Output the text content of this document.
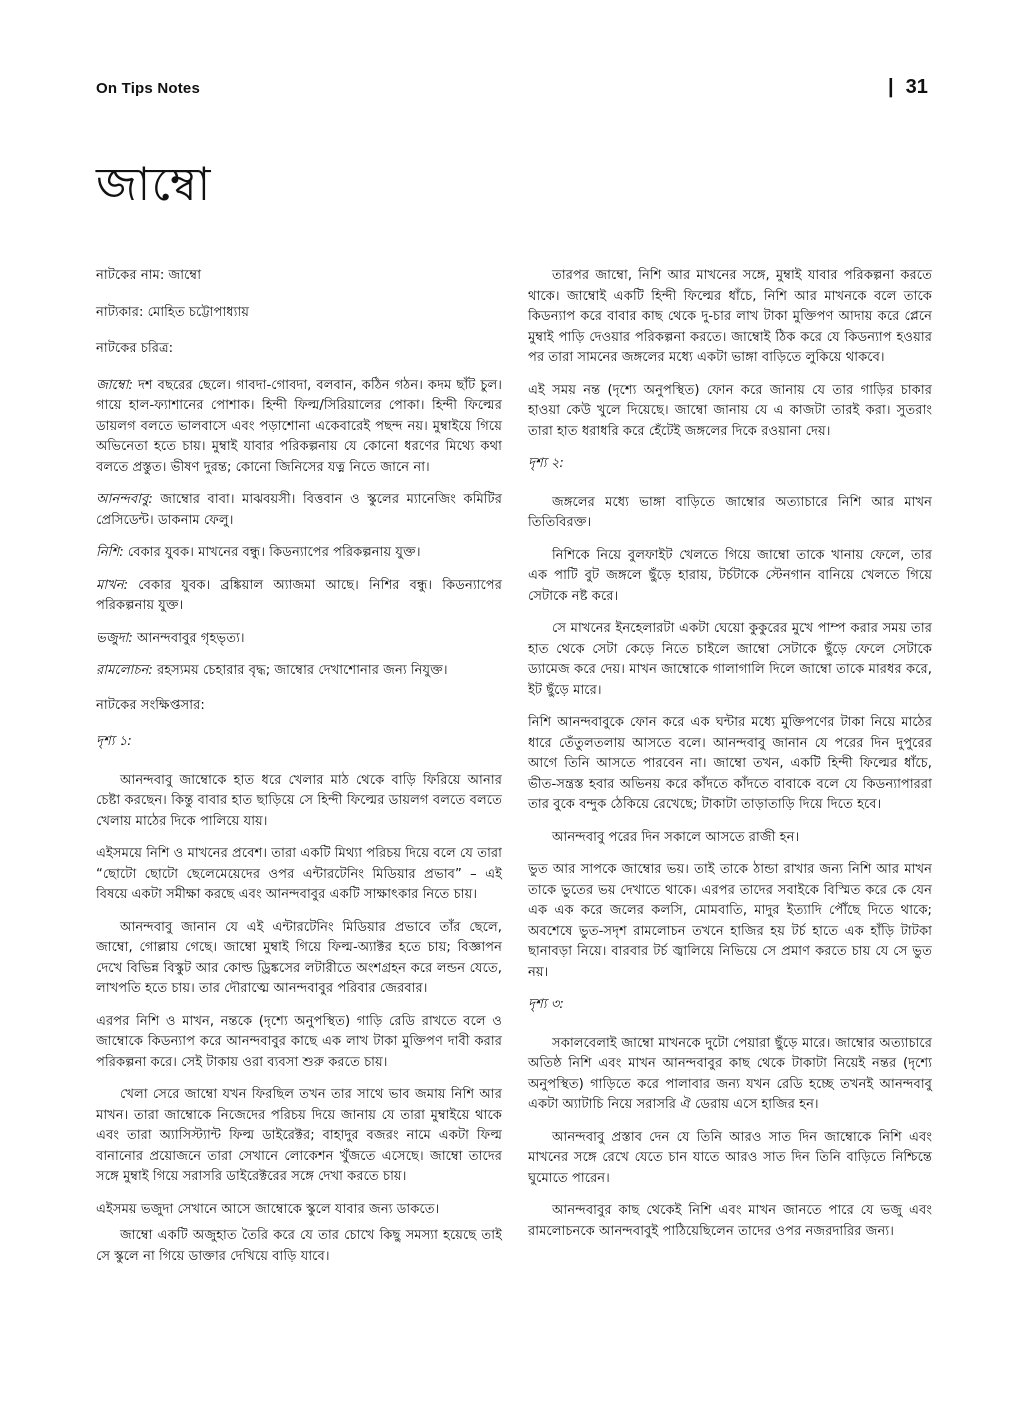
On Tips Notes	| 31
জাম্বো

নাটকের নাম: জাম্বো

নাট্যকার: মোহিত চট্টোপাধ্যায়

নাটকের চরিত্র:

জাম্বো: দশ বছরের ছেলে। গাবদা-গোবদা, বলবান, কঠিন গঠন। কদম ছাঁট চুল। গায়ে হাল-ফ্যাশানের পোশাক। হিন্দী ফিল্ম/সিরিয়ালের পোকা। হিন্দী ফিল্মের ডায়লগ বলতে ভালবাসে এবং পড়াশোনা একেবারেই পছন্দ নয়। মুম্বাইয়ে গিয়ে অভিনেতা হতে চায়। মুম্বাই যাবার পরিকল্পনায় যে কোনো ধরণের মিথ্যে কথা বলতে প্রস্তুত। ভীষণ দুরন্ত; কোনো জিনিসের যত্ন নিতে জানে না।

আনন্দবাবু: জাম্বোর বাবা। মাঝবয়সী। বিত্তবান ও স্কুলের ম্যানেজিং কমিটির প্রেসিডেন্ট। ডাকনাম ফেলু।

নিশি: বেকার যুবক। মাখনের বন্ধু। কিডন্যাপের পরিকল্পনায় যুক্ত।

মাখন: বেকার যুবক। ব্রঙ্কিয়াল অ্যাজমা আছে। নিশির বন্ধু। কিডন্যাপের পরিকল্পনায় যুক্ত।

ভজুদা: আনন্দবাবুর গৃহভৃত্য।

রামলোচন: রহস্যময় চেহারার বৃদ্ধ; জাম্বোর দেখাশোনার জন্য নিযুক্ত।

নাটকের সংক্ষিপ্তসার:

দৃশ্য ১:

আনন্দবাবু জাম্বোকে হাত ধরে খেলার মাঠ থেকে বাড়ি ফিরিয়ে আনার চেষ্টা করছেন। কিন্তু বাবার হাত ছাড়িয়ে সে হিন্দী ফিল্মের ডায়লগ বলতে বলতে খেলায় মাঠের দিকে পালিয়ে যায়।

এইসময়ে নিশি ও মাখনের প্রবেশ। তারা একটি মিথ্যা পরিচয় দিয়ে বলে যে তারা “ছোটো ছোটো ছেলেমেয়েদের ওপর এন্টারটেনিং মিডিয়ার প্রভাব” – এই বিষয়ে একটা সমীক্ষা করছে এবং আনন্দবাবুর একটি সাক্ষাৎকার নিতে চায়।

আনন্দবাবু জানান যে এই এন্টারটেনিং মিডিয়ার প্রভাবে তাঁর ছেলে, জাম্বো, গোল্লায় গেছে। জাম্বো মুম্বাই গিয়ে ফিল্ম-অ্যাক্টর হতে চায়; বিজ্ঞাপন দেখে বিভিন্ন বিস্কুট আর কোল্ড ড্রিঙ্কসের লটারীতে অংশগ্রহন করে লন্ডন যেতে, লাখপতি হতে চায়। তার দৌরাত্মে আনন্দবাবুর পরিবার জেরবার।

এরপর নিশি ও মাখন, নন্তকে (দৃশ্যে অনুপস্থিত) গাড়ি রেডি রাখতে বলে ও জাম্বোকে কিডন্যাপ করে আনন্দবাবুর কাছে এক লাখ টাকা মুক্তিপণ দাবী করার পরিকল্পনা করে। সেই টাকায় ওরা ব্যবসা শুরু করতে চায়।

খেলা সেরে জাম্বো যখন ফিরছিল তখন তার সাথে ভাব জমায় নিশি আর মাখন। তারা জাম্বোকে নিজেদের পরিচয় দিয়ে জানায় যে তারা মুম্বাইয়ে থাকে এবং তারা অ্যাসিস্ট্যান্ট ফিল্ম ডাইরেক্টর; বাহাদুর বজরং নামে একটা ফিল্ম বানানোর প্রয়োজনে তারা সেখানে লোকেশন খুঁজতে এসেছে। জাম্বো তাদের সঙ্গে মুম্বাই গিয়ে সরাসরি ডাইরেক্টরের সঙ্গে দেখা করতে চায়।

এইসময় ভজুদা সেখানে আসে জাম্বোকে স্কুলে যাবার জন্য ডাকতে।

জাম্বো একটি অজুহাত তৈরি করে যে তার চোখে কিছু সমস্যা হয়েছে তাই সে স্কুলে না গিয়ে ডাক্তার দেখিয়ে বাড়ি যাবে।

তারপর জাম্বো, নিশি আর মাখনের সঙ্গে, মুম্বাই যাবার পরিকল্পনা করতে থাকে। জাম্বোই একটি হিন্দী ফিল্মের ধাঁচে, নিশি আর মাখনকে বলে তাকে কিডন্যাপ করে বাবার কাছ থেকে দু-চার লাখ টাকা মুক্তিপণ আদায় করে প্লেনে মুম্বাই পাড়ি দেওয়ার পরিকল্পনা করতে। জাম্বোই ঠিক করে যে কিডন্যাপ হওয়ার পর তারা সামনের জঙ্গলের মধ্যে একটা ভাঙ্গা বাড়িতে লুকিয়ে থাকবে।

এই সময় নন্ত (দৃশ্যে অনুপস্থিত) ফোন করে জানায় যে তার গাড়ির চাকার হাওয়া কেউ খুলে দিয়েছে। জাম্বো জানায় যে এ কাজটা তারই করা। সুতরাং তারা হাত ধরাধরি করে হেঁটেই জঙ্গলের দিকে রওয়ানা দেয়।

দৃশ্য ২:

জঙ্গলের মধ্যে ভাঙ্গা বাড়িতে জাম্বোর অত্যাচারে নিশি আর মাখন তিতিবিরক্ত।

নিশিকে নিয়ে বুলফাইট খেলতে গিয়ে জাম্বো তাকে খানায় ফেলে, তার এক পাটি বুট জঙ্গলে ছুঁড়ে হারায়, টর্চটাকে স্টেনগান বানিয়ে খেলতে গিয়ে সেটাকে নষ্ট করে।

সে মাখনের ইনহেলারটা একটা ঘেয়ো কুকুরের মুখে পাম্প করার সময় তার হাত থেকে সেটা কেড়ে নিতে চাইলে জাম্বো সেটাকে ছুঁড়ে ফেলে সেটাকে ড্যামেজ করে দেয়। মাখন জাম্বোকে গালাগালি দিলে জাম্বো তাকে মারধর করে, ইট ছুঁড়ে মারে।

নিশি আনন্দবাবুকে ফোন করে এক ঘন্টার মধ্যে মুক্তিপণের টাকা নিয়ে মাঠের ধারে তেঁতুলতলায় আসতে বলে। আনন্দবাবু জানান যে পরের দিন দুপুরের আগে তিনি আসতে পারবেন না। জাম্বো তখন, একটি হিন্দী ফিল্মের ধাঁচে, ভীত-সন্ত্রস্ত হবার অভিনয় করে কাঁদতে কাঁদতে বাবাকে বলে যে কিডন্যাপাররা তার বুকে বন্দুক ঠেকিয়ে রেখেছে; টাকাটা তাড়াতাড়ি দিয়ে দিতে হবে।

আনন্দবাবু পরের দিন সকালে আসতে রাজী হন।

ভুত আর সাপকে জাম্বোর ভয়। তাই তাকে ঠান্ডা রাখার জন্য নিশি আর মাখন তাকে ভুতের ভয় দেখাতে থাকে। এরপর তাদের সবাইকে বিস্মিত করে কে যেন এক এক করে জলের কলসি, মোমবাতি, মাদুর ইত্যাদি পৌঁছে দিতে থাকে; অবশেষে ভুত-সদৃশ রামলোচন তখনে হাজির হয় টর্চ হাতে এক হাঁড়ি টাটকা ছানাবড়া নিয়ে। বারবার টর্চ জ্বালিয়ে নিভিয়ে সে প্রমাণ করতে চায় যে সে ভুত নয়।

দৃশ্য ৩:

সকালবেলাই জাম্বো মাখনকে দুটো পেয়ারা ছুঁড়ে মারে। জাম্বোর অত্যাচারে অতিষ্ঠ নিশি এবং মাখন আনন্দবাবুর কাছ থেকে টাকাটা নিয়েই নন্তর (দৃশ্যে অনুপস্থিত) গাড়িতে করে পালাবার জন্য যখন রেডি হচ্ছে তখনই আনন্দবাবু একটা অ্যাটাচি নিয়ে সরাসরি ঐ ডেরায় এসে হাজির হন।

আনন্দবাবু প্রস্তাব দেন যে তিনি আরও সাত দিন জাম্বোকে নিশি এবং মাখনের সঙ্গে রেখে যেতে চান যাতে আরও সাত দিন তিনি বাড়িতে নিশ্চিন্তে ঘুমোতে পারেন।

আনন্দবাবুর কাছ থেকেই নিশি এবং মাখন জানতে পারে যে ভজু এবং রামলোচনকে আনন্দবাবুই পাঠিয়েছিলেন তাদের ওপর নজরদারির জন্য।
